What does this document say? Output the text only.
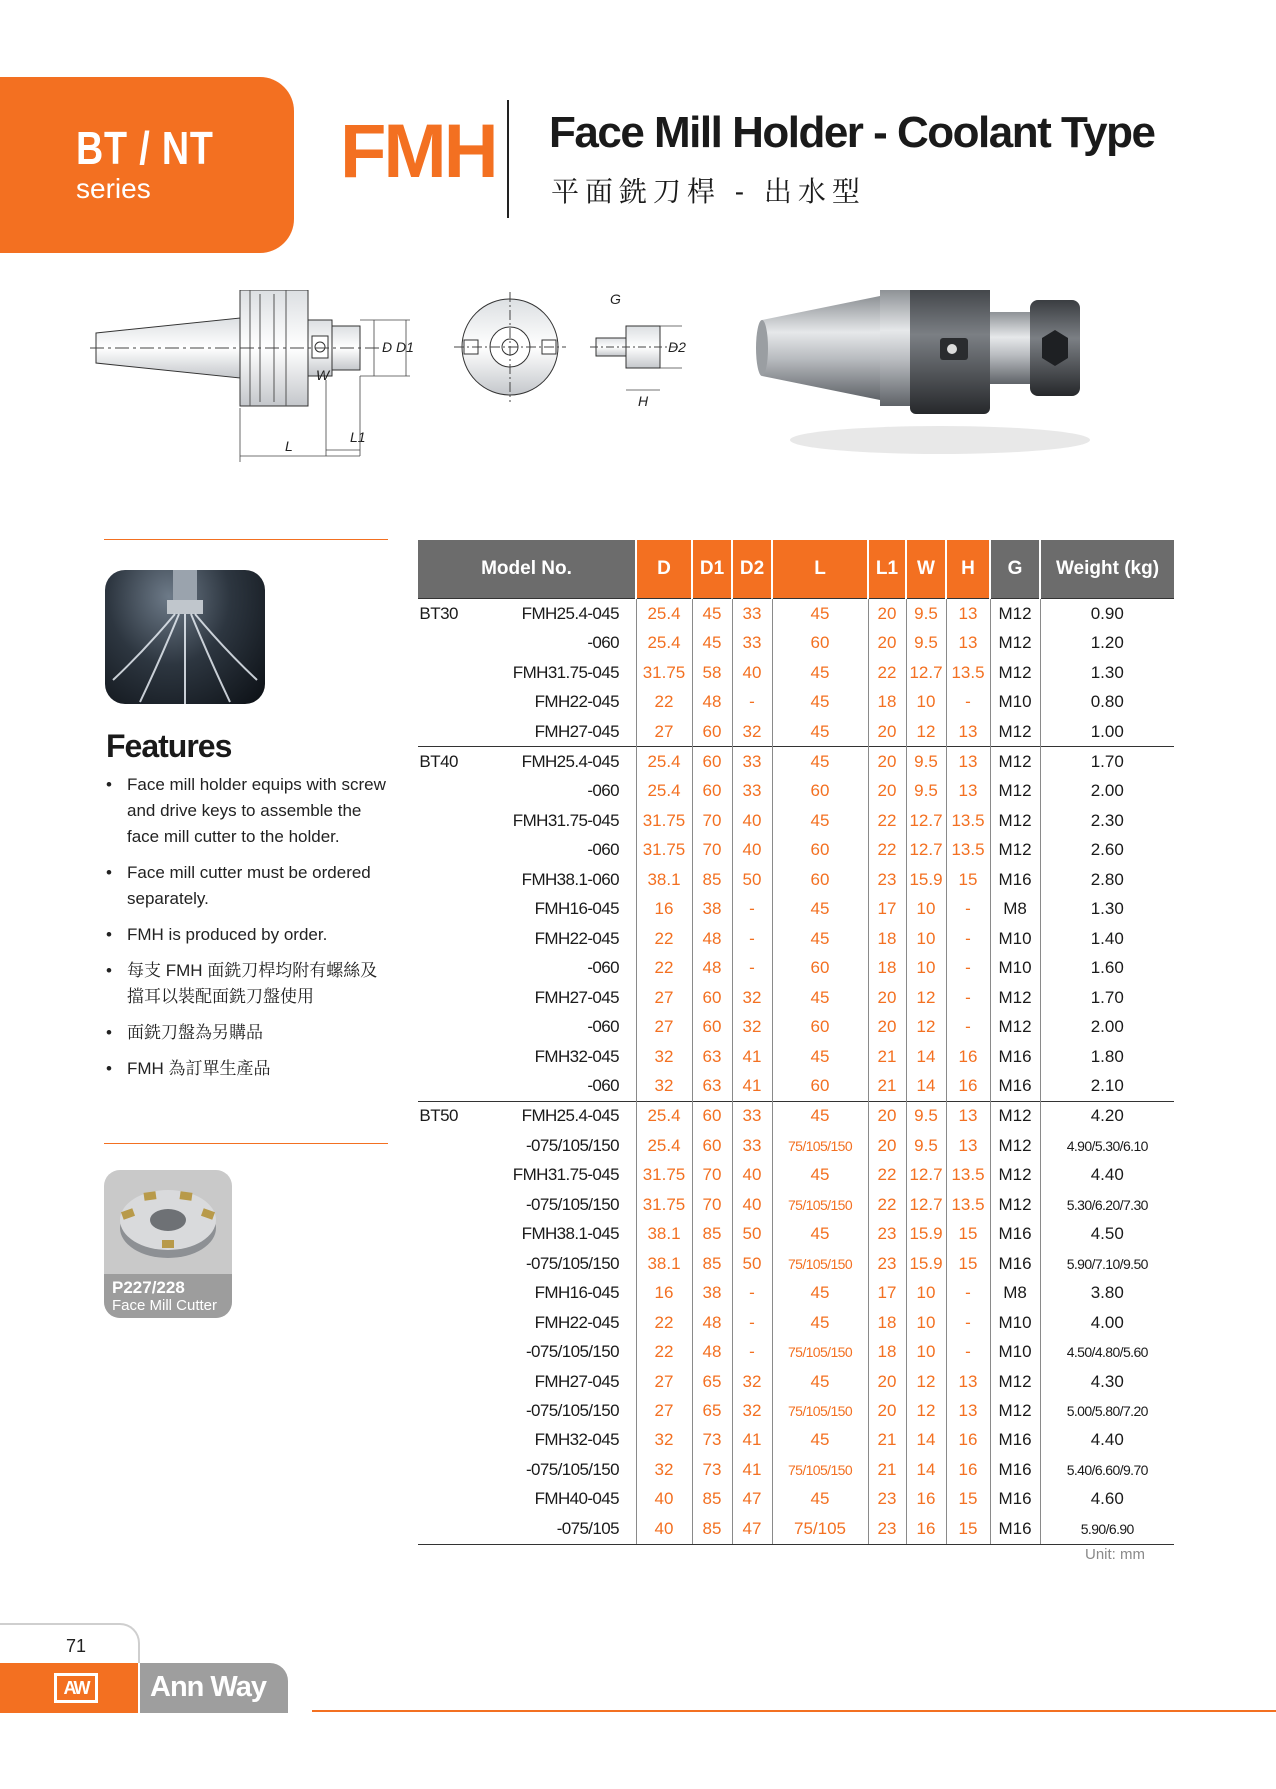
BT / NT
series FMH Face Mill Holder - Coolant Type
平面銑刀桿 - 出水型
D D1
W
L1
L
G
D2
H
Features
• Face mill holder equips with screw and drive keys to assemble the face mill cutter to the holder.
• Face mill cutter must be ordered separately.
• FMH is produced by order.
• 每支 FMH 面銑刀桿均附有螺絲及擋耳以裝配面銑刀盤使用
• 面銑刀盤為另購品
• FMH 為訂單生產品
P227/228
Face Mill Cutter
Model No.	D	D1	D2	L	L1	W	H	G	Weight (kg)
BT30 FMH25.4-045	25.4	45	33	45	20	9.5	13	M12	0.90
-060	25.4	45	33	60	20	9.5	13	M12	1.20
FMH31.75-045	31.75	58	40	45	22	12.7	13.5	M12	1.30
FMH22-045	22	48	-	45	18	10	-	M10	0.80
FMH27-045	27	60	32	45	20	12	13	M12	1.00
BT40 FMH25.4-045	25.4	60	33	45	20	9.5	13	M12	1.70
-060	25.4	60	33	60	20	9.5	13	M12	2.00
FMH31.75-045	31.75	70	40	45	22	12.7	13.5	M12	2.30
-060	31.75	70	40	60	22	12.7	13.5	M12	2.60
FMH38.1-060	38.1	85	50	60	23	15.9	15	M16	2.80
FMH16-045	16	38	-	45	17	10	-	M8	1.30
FMH22-045	22	48	-	45	18	10	-	M10	1.40
-060	22	48	-	60	18	10	-	M10	1.60
FMH27-045	27	60	32	45	20	12	-	M12	1.70
-060	27	60	32	60	20	12	-	M12	2.00
FMH32-045	32	63	41	45	21	14	16	M16	1.80
-060	32	63	41	60	21	14	16	M16	2.10
BT50 FMH25.4-045	25.4	60	33	45	20	9.5	13	M12	4.20
-075/105/150	25.4	60	33	75/105/150	20	9.5	13	M12	4.90/5.30/6.10
FMH31.75-045	31.75	70	40	45	22	12.7	13.5	M12	4.40
-075/105/150	31.75	70	40	75/105/150	22	12.7	13.5	M12	5.30/6.20/7.30
FMH38.1-045	38.1	85	50	45	23	15.9	15	M16	4.50
-075/105/150	38.1	85	50	75/105/150	23	15.9	15	M16	5.90/7.10/9.50
FMH16-045	16	38	-	45	17	10	-	M8	3.80
FMH22-045	22	48	-	45	18	10	-	M10	4.00
-075/105/150	22	48	-	75/105/150	18	10	-	M10	4.50/4.80/5.60
FMH27-045	27	65	32	45	20	12	13	M12	4.30
-075/105/150	27	65	32	75/105/150	20	12	13	M12	5.00/5.80/7.20
FMH32-045	32	73	41	45	21	14	16	M16	4.40
-075/105/150	32	73	41	75/105/150	21	14	16	M16	5.40/6.60/9.70
FMH40-045	40	85	47	45	23	16	15	M16	4.60
-075/105	40	85	47	75/105	23	16	15	M16	5.90/6.90
Unit: mm
71
AW	Ann Way
